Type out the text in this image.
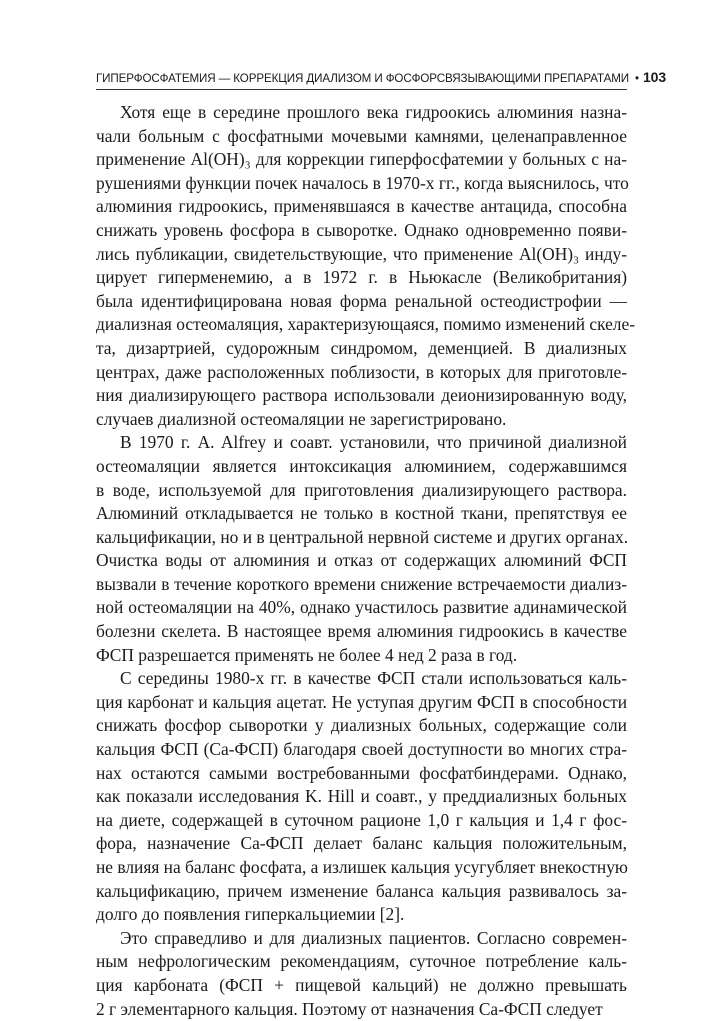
ГИПЕРФОСФАТЕМИЯ — КОРРЕКЦИЯ ДИАЛИЗОМ И ФОСФОРСВЯЗЫВАЮЩИМИ ПРЕПАРАТАМИ • 103
Хотя еще в середине прошлого века гидроокись алюминия назна-
чали больным с фосфатными мочевыми камнями, целенаправленное
применение Al(OH)₃ для коррекции гиперфосфатемии у больных с на-
рушениями функции почек началось в 1970-х гг., когда выяснилось, что
алюминия гидроокись, применявшаяся в качестве антацида, способна
снижать уровень фосфора в сыворотке. Однако одновременно появи-
лись публикации, свидетельствующие, что применение Al(OH)₃ инду-
цирует гиперменемию, а в 1972 г. в Ньюкасле (Великобритания)
была идентифицирована новая форма ренальной остеодистрофии —
диализная остеомаляция, характеризующаяся, помимо изменений скеле-
та, дизартрией, судорожным синдромом, деменцией. В диализных
центрах, даже расположенных поблизости, в которых для приготовле-
ния диализирующего раствора использовали деионизированную воду,
случаев диализной остеомаляции не зарегистрировано.
В 1970 г. A. Alfrey и соавт. установили, что причиной диализной
остеомаляции является интоксикация алюминием, содержавшимся
в воде, используемой для приготовления диализирующего раствора.
Алюминий откладывается не только в костной ткани, препятствуя ее
кальцификации, но и в центральной нервной системе и других органах.
Очистка воды от алюминия и отказ от содержащих алюминий ФСП
вызвали в течение короткого времени снижение встречаемости диализ-
ной остеомаляции на 40%, однако участилось развитие адинамической
болезни скелета. В настоящее время алюминия гидроокись в качестве
ФСП разрешается применять не более 4 нед 2 раза в год.
С середины 1980-х гг. в качестве ФСП стали использоваться каль-
ция карбонат и кальция ацетат. Не уступая другим ФСП в способности
снижать фосфор сыворотки у диализных больных, содержащие соли
кальция ФСП (Са-ФСП) благодаря своей доступности во многих стра-
нах остаются самыми востребованными фосфатбиндерами. Однако,
как показали исследования K. Hill и соавт., у преддиализных больных
на диете, содержащей в суточном рационе 1,0 г кальция и 1,4 г фос-
фора, назначение Са-ФСП делает баланс кальция положительным,
не влияя на баланс фосфата, а излишек кальция усугубляет внекостную
кальцификацию, причем изменение баланса кальция развивалось за-
долго до появления гиперкальциемии [2].
Это справедливо и для диализных пациентов. Согласно современ-
ным нефрологическим рекомендациям, суточное потребление каль-
ция карбоната (ФСП + пищевой кальций) не должно превышать
2 г элементарного кальция. Поэтому от назначения Са-ФСП следует
